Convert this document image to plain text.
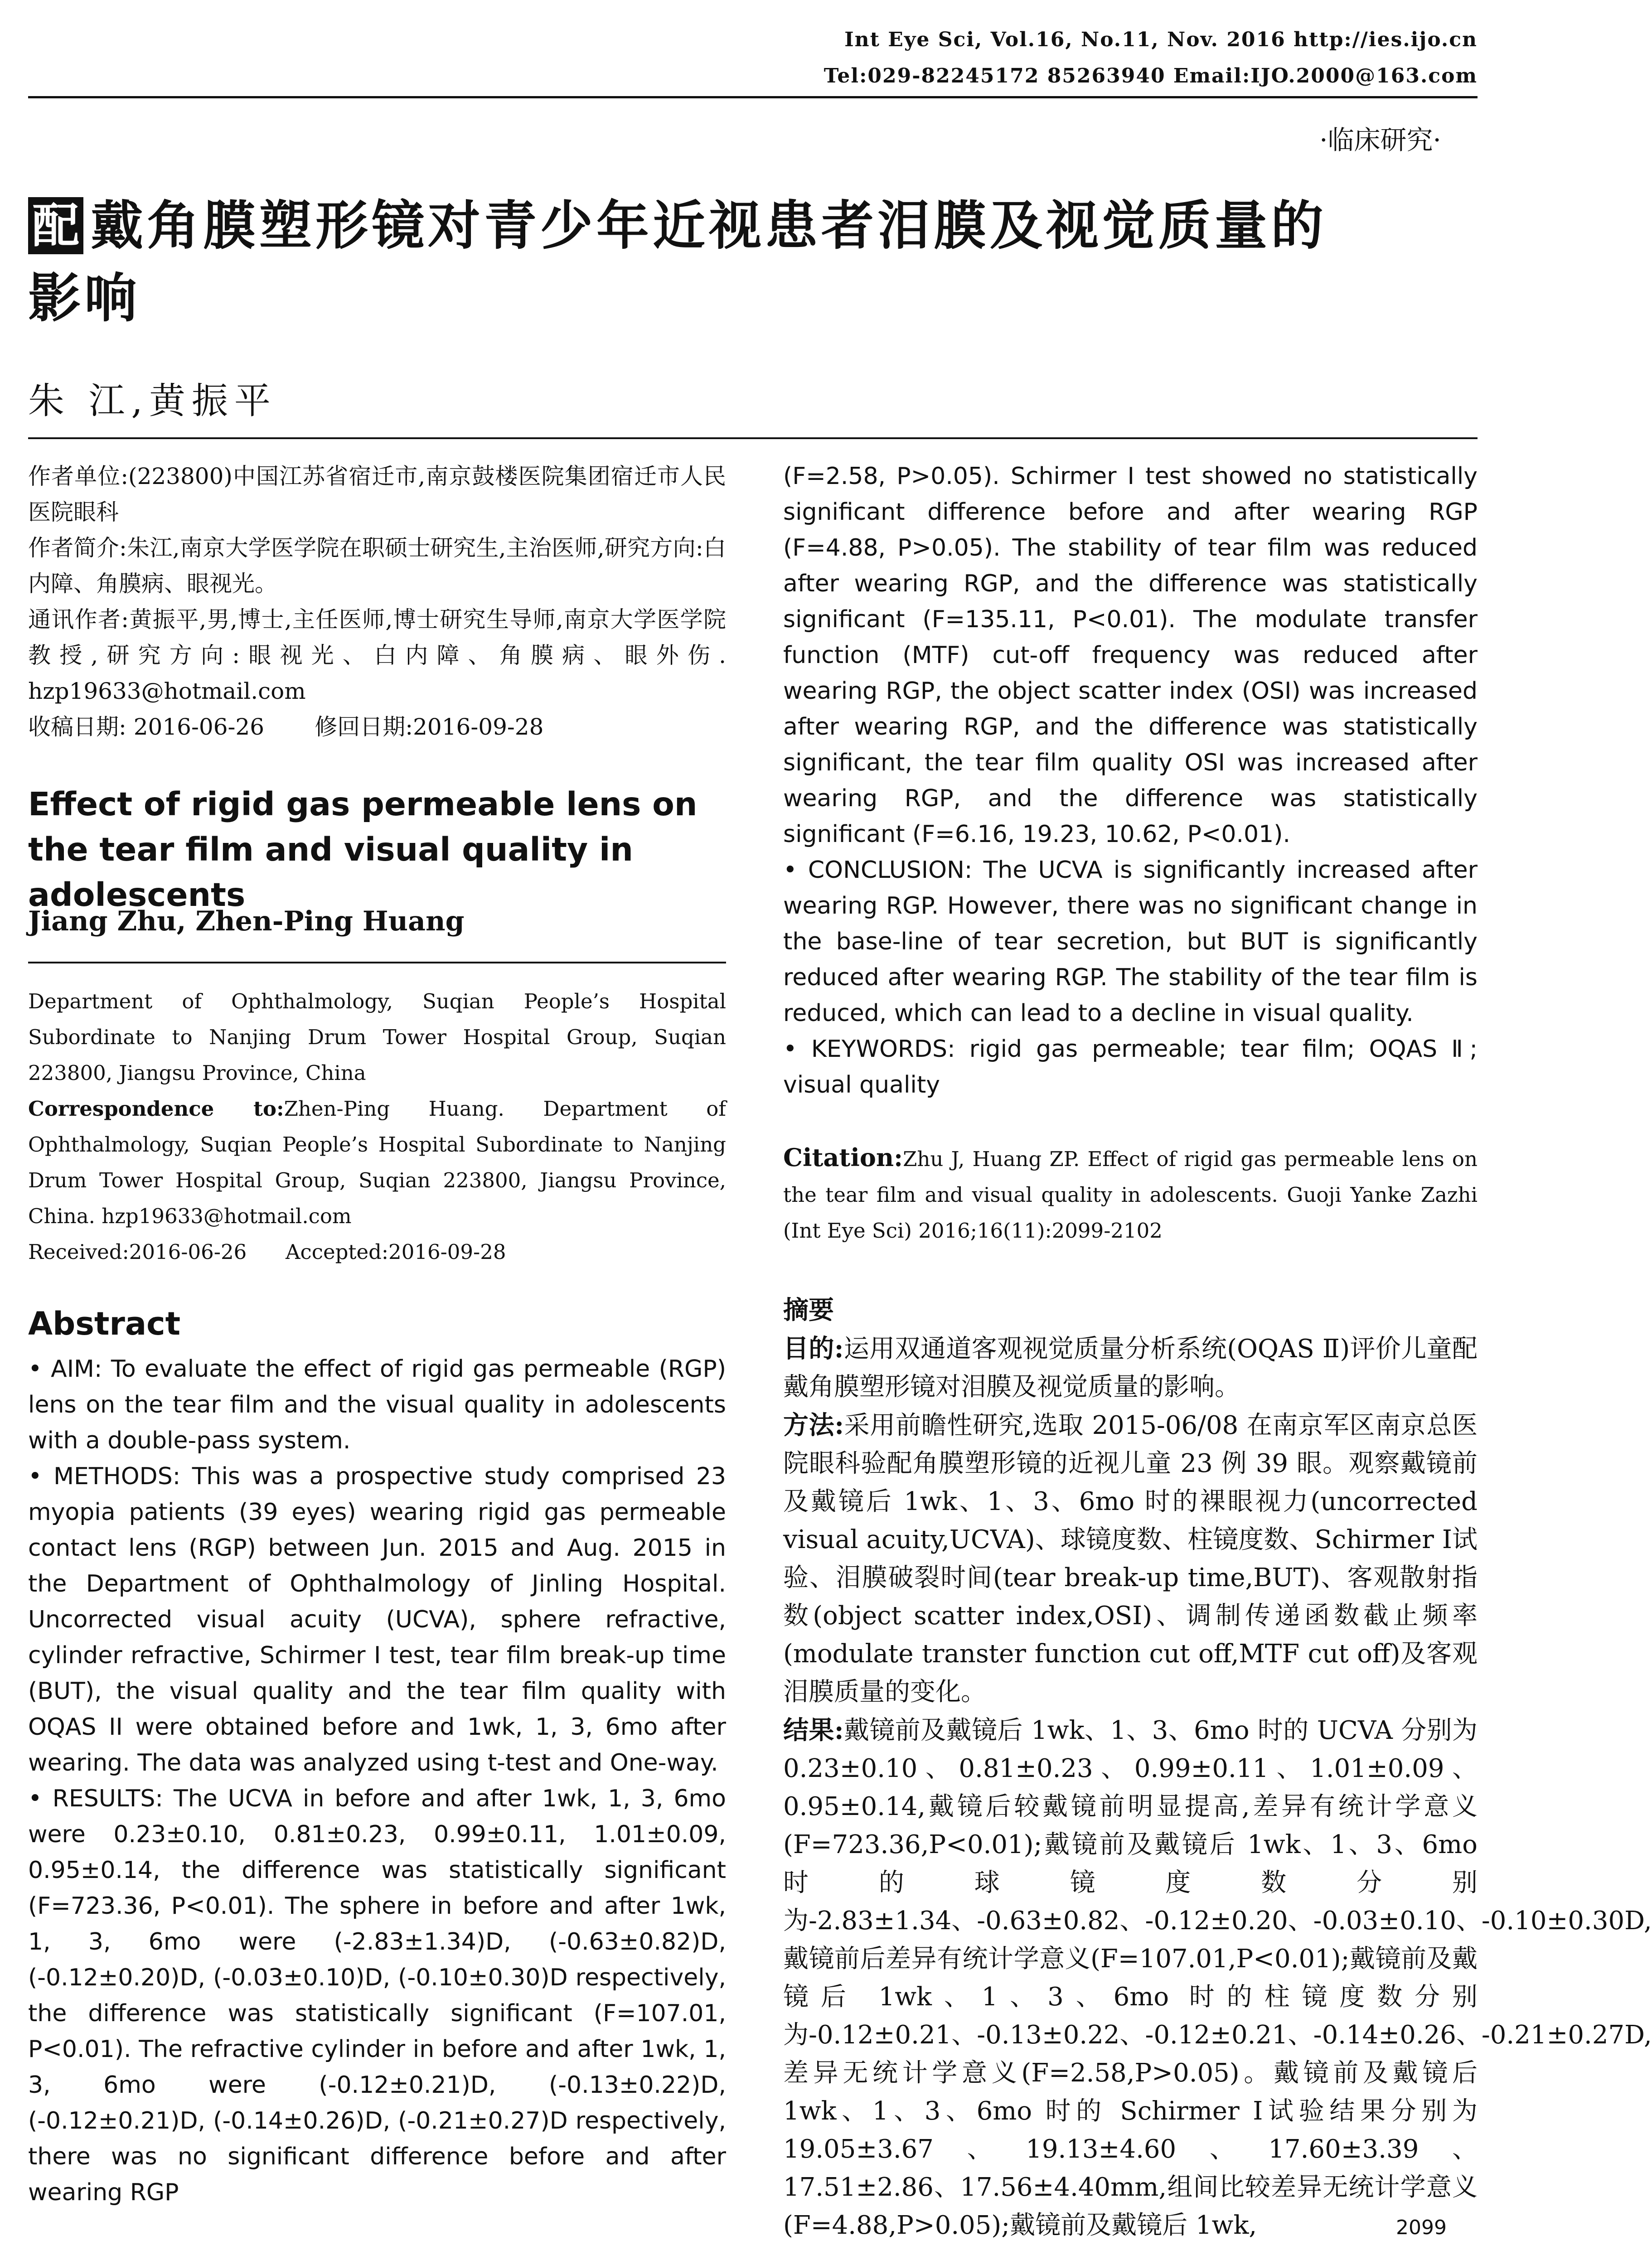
Int Eye Sci, Vol.16, No.11, Nov. 2016 http://ies.ijo.cn
Tel:029-82245172 85263940 Email:IJO.2000@163.com
·临床研究·
配 戴角膜塑形镜对青少年近视患者泪膜及视觉质量的
影响
朱 江,黄振平

作者单位:(223800)中国江苏省宿迁市,南京鼓楼医院集团宿迁市人民医院眼科

作者简介:朱江,南京大学医学院在职硕士研究生,主治医师,研究方向:白内障、角膜病、眼视光。

通讯作者:黄振平,男,博士,主任医师,博士研究生导师,南京大学医学院教授,研究方向:眼视光、白内障、角膜病、眼外伤. hzp19633@hotmail.com

收稿日期: 2016-06-26       修回日期:2016-09-28

Effect of rigid gas permeable lens on the tear film and visual quality in adolescents
Jiang Zhu, Zhen-Ping Huang

Department of Ophthalmology, Suqian People’s Hospital Subordinate to Nanjing Drum Tower Hospital Group, Suqian 223800, Jiangsu Province, China

Correspondence to:Zhen-Ping Huang. Department of Ophthalmology, Suqian People’s Hospital Subordinate to Nanjing Drum Tower Hospital Group, Suqian 223800, Jiangsu Province, China. hzp19633@hotmail.com

Received:2016-06-26      Accepted:2016-09-28

Abstract

• AIM: To evaluate the effect of rigid gas permeable (RGP) lens on the tear film and the visual quality in adolescents with a double-pass system.

• METHODS: This was a prospective study comprised 23 myopia patients (39 eyes) wearing rigid gas permeable contact lens (RGP) between Jun. 2015 and Aug. 2015 in the Department of Ophthalmology of Jinling Hospital. Uncorrected visual acuity (UCVA), sphere refractive, cylinder refractive, Schirmer I test, tear film break-up time (BUT), the visual quality and the tear film quality with OQAS II were obtained before and 1wk, 1, 3, 6mo after wearing. The data was analyzed using t-test and One-way.

• RESULTS: The UCVA in before and after 1wk, 1, 3, 6mo were 0.23±0.10, 0.81±0.23, 0.99±0.11, 1.01±0.09, 0.95±0.14, the difference was statistically significant (F=723.36, P<0.01). The sphere in before and after 1wk, 1, 3, 6mo were (-2.83±1.34)D, (-0.63±0.82)D, (-0.12±0.20)D, (-0.03±0.10)D, (-0.10±0.30)D respectively, the difference was statistically significant (F=107.01, P<0.01). The refractive cylinder in before and after 1wk, 1, 3, 6mo were (-0.12±0.21)D, (-0.13±0.22)D, (-0.12±0.21)D, (-0.14±0.26)D, (-0.21±0.27)D respectively, there was no significant difference before and after wearing RGP

(F=2.58, P>0.05). Schirmer I test showed no statistically significant difference before and after wearing RGP (F=4.88, P>0.05). The stability of tear film was reduced after wearing RGP, and the difference was statistically significant (F=135.11, P<0.01). The modulate transfer function (MTF) cut-off frequency was reduced after wearing RGP, the object scatter index (OSI) was increased after wearing RGP, and the difference was statistically significant, the tear film quality OSI was increased after wearing RGP, and the difference was statistically significant (F=6.16, 19.23, 10.62, P<0.01).

• CONCLUSION: The UCVA is significantly increased after wearing RGP. However, there was no significant change in the base-line of tear secretion, but BUT is significantly reduced after wearing RGP. The stability of the tear film is reduced, which can lead to a decline in visual quality.

• KEYWORDS: rigid gas permeable; tear film; OQAS Ⅱ; visual quality

Citation:Zhu J, Huang ZP. Effect of rigid gas permeable lens on the tear film and visual quality in adolescents. Guoji Yanke Zazhi (Int Eye Sci) 2016;16(11):2099-2102

摘要

目的:运用双通道客观视觉质量分析系统(OQAS Ⅱ)评价儿童配戴角膜塑形镜对泪膜及视觉质量的影响。

方法:采用前瞻性研究,选取 2015-06/08 在南京军区南京总医院眼科验配角膜塑形镜的近视儿童 23 例 39 眼。观察戴镜前及戴镜后 1wk、1、3、6mo 时的裸眼视力(uncorrected visual acuity,UCVA)、球镜度数、柱镜度数、Schirmer Ⅰ试验、泪膜破裂时间(tear break-up time,BUT)、客观散射指数(object scatter index,OSI)、调制传递函数截止频率(modulate transter function cut off,MTF cut off)及客观泪膜质量的变化。

结果:戴镜前及戴镜后 1wk、1、3、6mo 时的 UCVA 分别为 0.23±0.10、0.81±0.23、0.99±0.11、1.01±0.09、0.95±0.14,戴镜后较戴镜前明显提高,差异有统计学意义(F=723.36,P<0.01);戴镜前及戴镜后 1wk、1、3、6mo 时的球镜度数分别为-2.83±1.34、-0.63±0.82、-0.12±0.20、-0.03±0.10、-0.10±0.30D,戴镜前后差异有统计学意义(F=107.01,P<0.01);戴镜前及戴镜后 1wk、1、3、6mo 时的柱镜度数分别为-0.12±0.21、-0.13±0.22、-0.12±0.21、-0.14±0.26、-0.21±0.27D,差异无统计学意义(F=2.58,P>0.05)。戴镜前及戴镜后 1wk、1、3、6mo 时的 Schirmer Ⅰ试验结果分别为 19.05±3.67、19.13±4.60、17.60±3.39、17.51±2.86、17.56±4.40mm,组间比较差异无统计学意义(F=4.88,P>0.05);戴镜前及戴镜后 1wk,	2099
